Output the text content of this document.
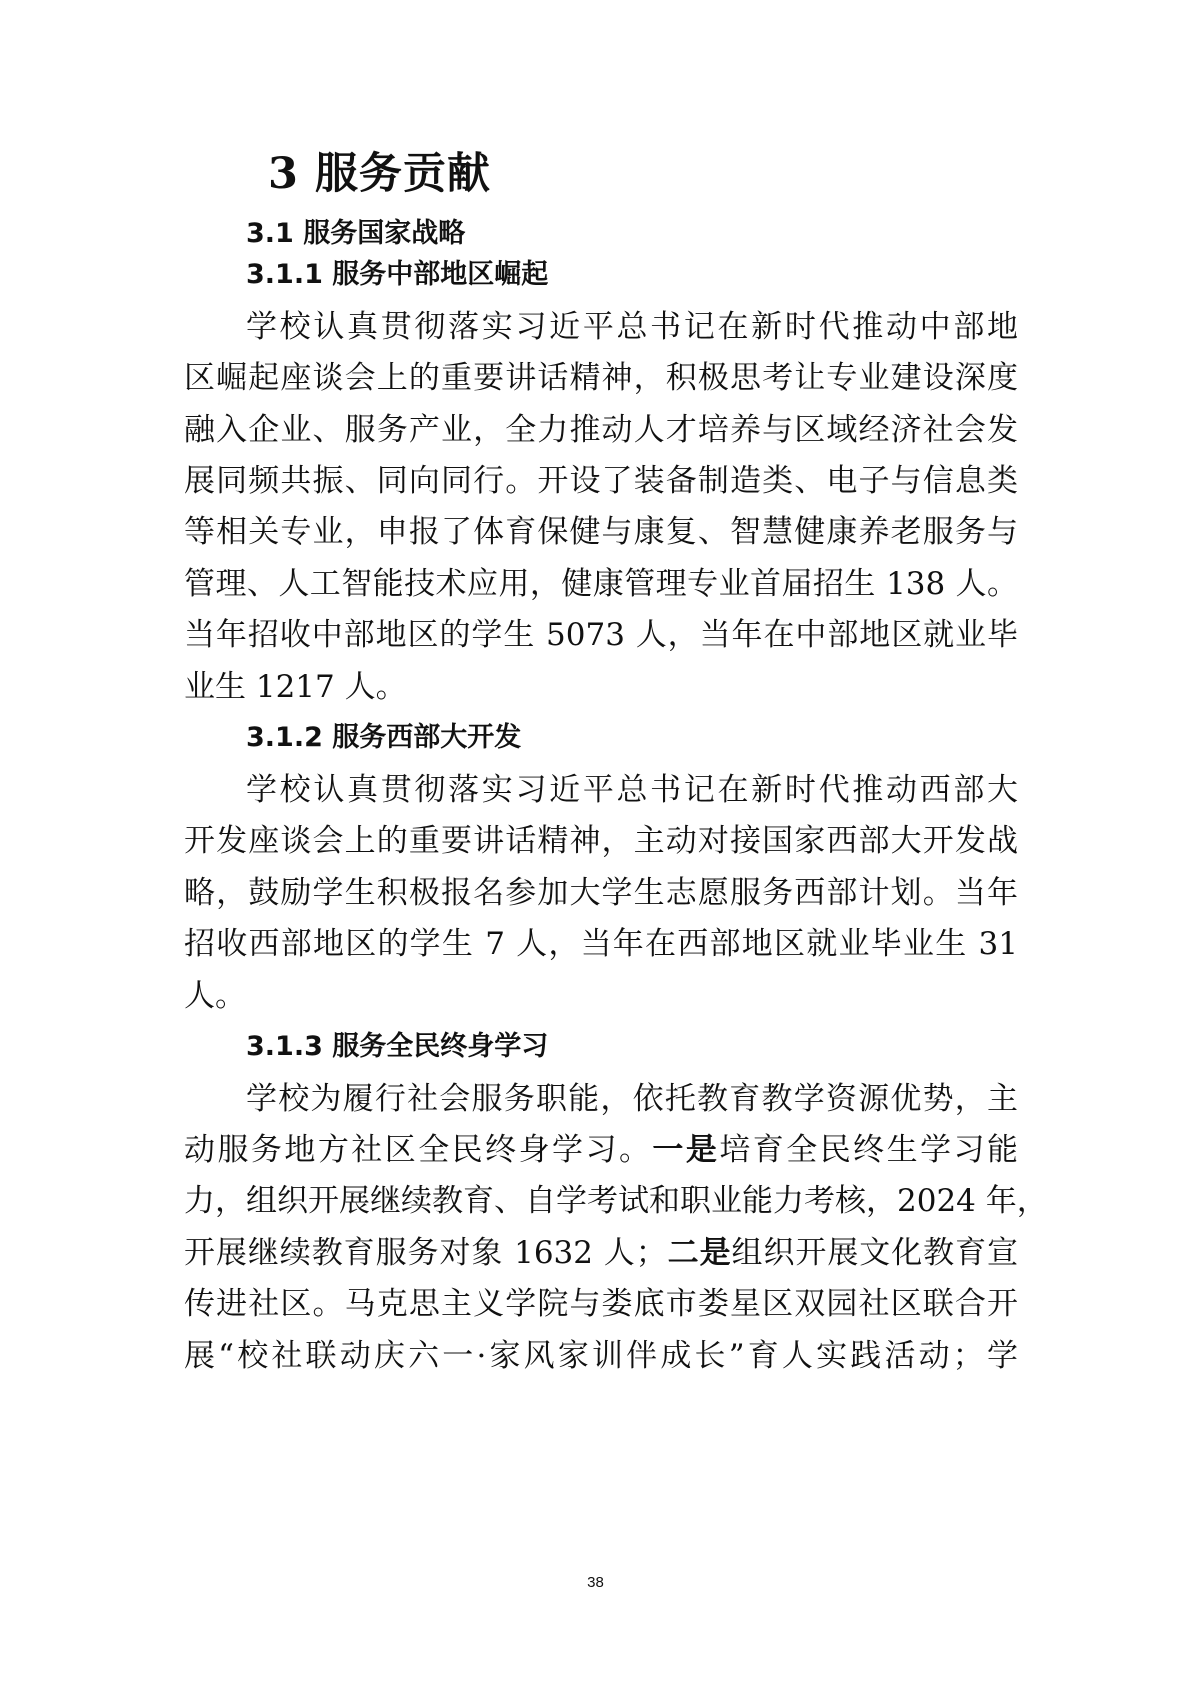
3 服务贡献
3.1 服务国家战略
3.1.1 服务中部地区崛起
学校认真贯彻落实习近平总书记在新时代推动中部地
区崛起座谈会上的重要讲话精神，积极思考让专业建设深度
融入企业、服务产业，全力推动人才培养与区域经济社会发
展同频共振、同向同行。开设了装备制造类、电子与信息类
等相关专业，申报了体育保健与康复、智慧健康养老服务与
管理、人工智能技术应用，健康管理专业首届招生 138 人。
当年招收中部地区的学生 5073 人，当年在中部地区就业毕
业生 1217 人。
3.1.2 服务西部大开发
学校认真贯彻落实习近平总书记在新时代推动西部大
开发座谈会上的重要讲话精神，主动对接国家西部大开发战
略，鼓励学生积极报名参加大学生志愿服务西部计划。当年
招收西部地区的学生 7 人，当年在西部地区就业毕业生 31
人。
3.1.3 服务全民终身学习
学校为履行社会服务职能，依托教育教学资源优势，主
动服务地方社区全民终身学习。一是培育全民终生学习能
力，组织开展继续教育、自学考试和职业能力考核，2024 年，
开展继续教育服务对象 1632 人；二是组织开展文化教育宣
传进社区。马克思主义学院与娄底市娄星区双园社区联合开
展“校社联动庆六一·家风家训伴成长”育人实践活动；学
38
